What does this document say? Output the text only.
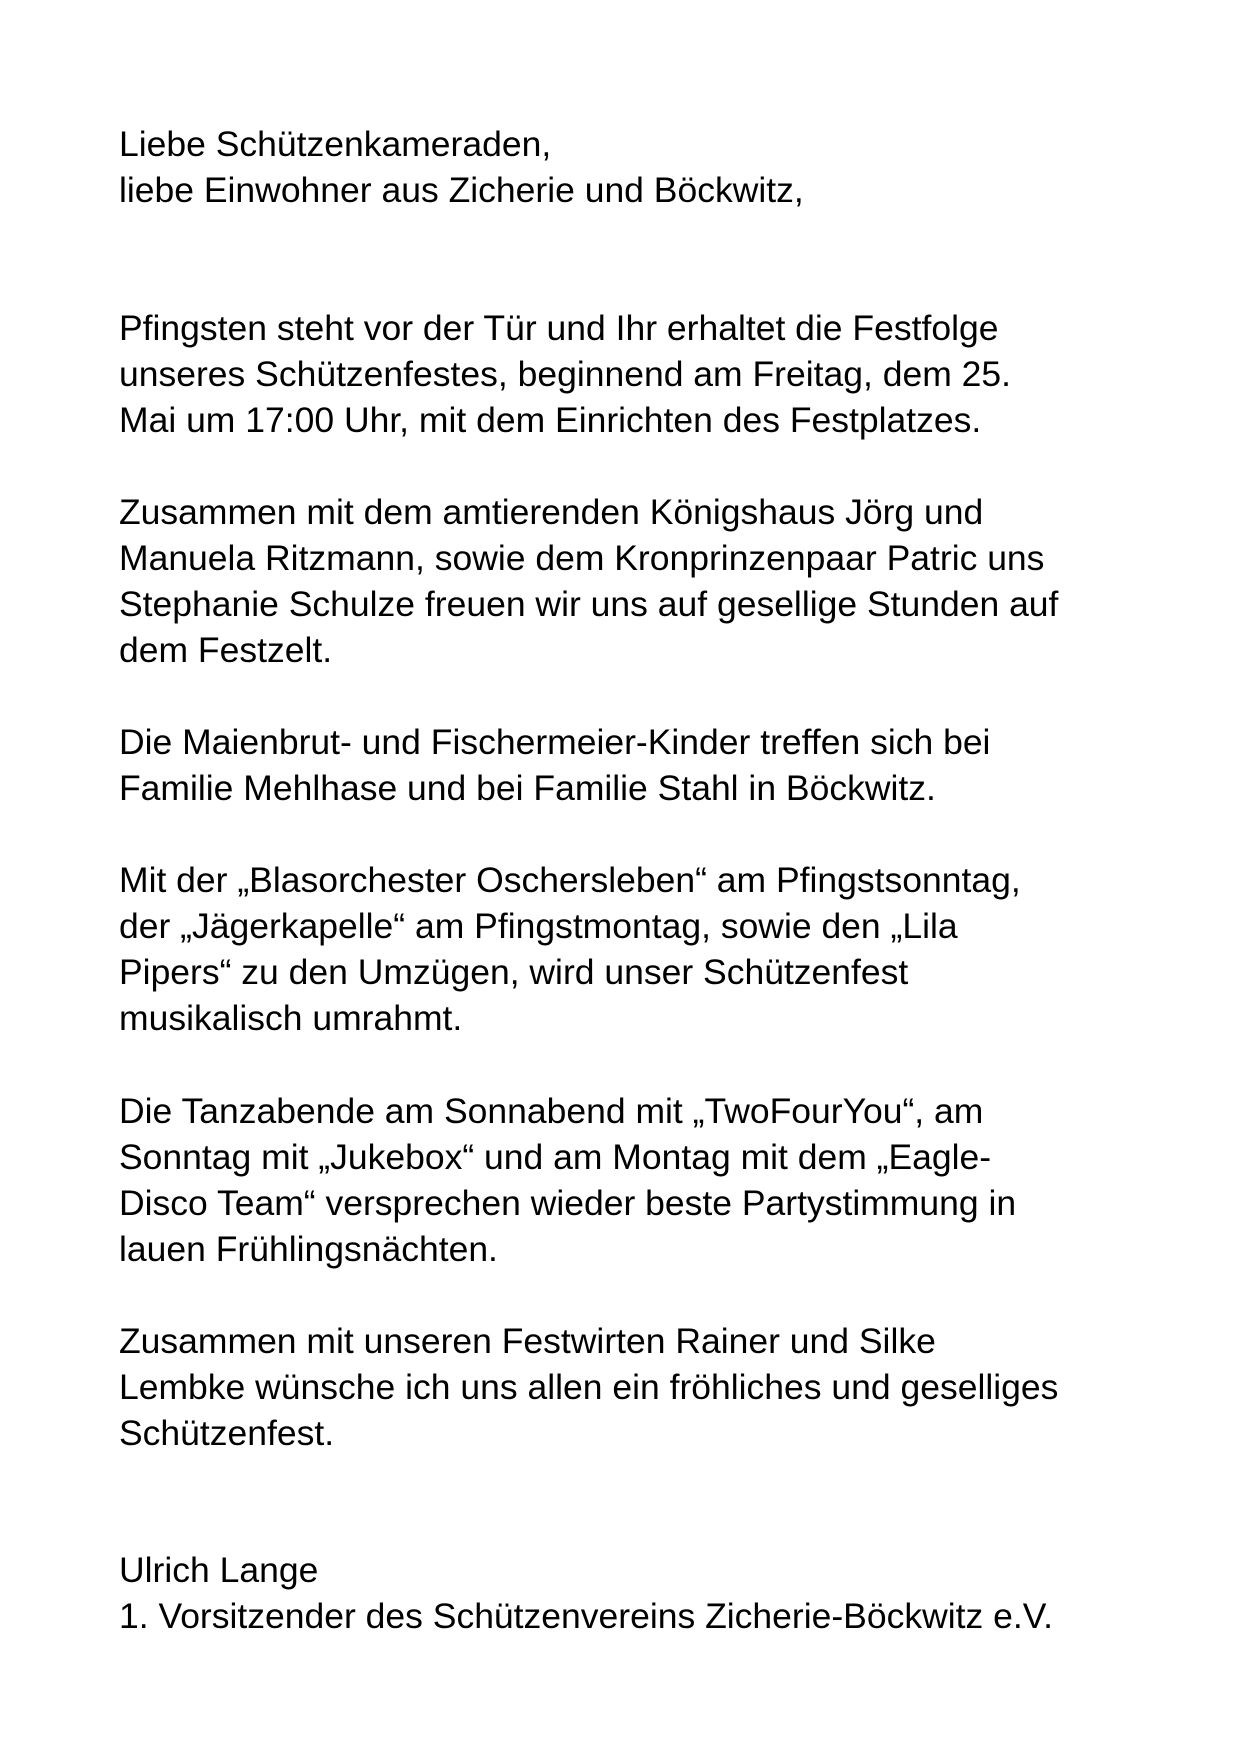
Liebe Schützenkameraden,
liebe Einwohner aus Zicherie und Böckwitz,

Pfingsten steht vor der Tür und Ihr erhaltet die Festfolge
unseres Schützenfestes, beginnend am Freitag, dem 25.
Mai um 17:00 Uhr, mit dem Einrichten des Festplatzes.

Zusammen mit dem amtierenden Königshaus Jörg und
Manuela Ritzmann, sowie dem Kronprinzenpaar Patric uns
Stephanie Schulze freuen wir uns auf gesellige Stunden auf
dem Festzelt.

Die Maienbrut- und Fischermeier-Kinder treffen sich bei
Familie Mehlhase und bei Familie Stahl in Böckwitz.

Mit der „Blasorchester Oschersleben“ am Pfingstsonntag,
der „Jägerkapelle“ am Pfingstmontag, sowie den „Lila
Pipers“ zu den Umzügen, wird unser Schützenfest
musikalisch umrahmt.

Die Tanzabende am Sonnabend mit „TwoFourYou“, am
Sonntag mit „Jukebox“ und am Montag mit dem „Eagle-
Disco Team“ versprechen wieder beste Partystimmung in
lauen Frühlingsnächten.

Zusammen mit unseren Festwirten Rainer und Silke
Lembke wünsche ich uns allen ein fröhliches und geselliges
Schützenfest.

Ulrich Lange
1. Vorsitzender des Schützenvereins Zicherie-Böckwitz e.V.
